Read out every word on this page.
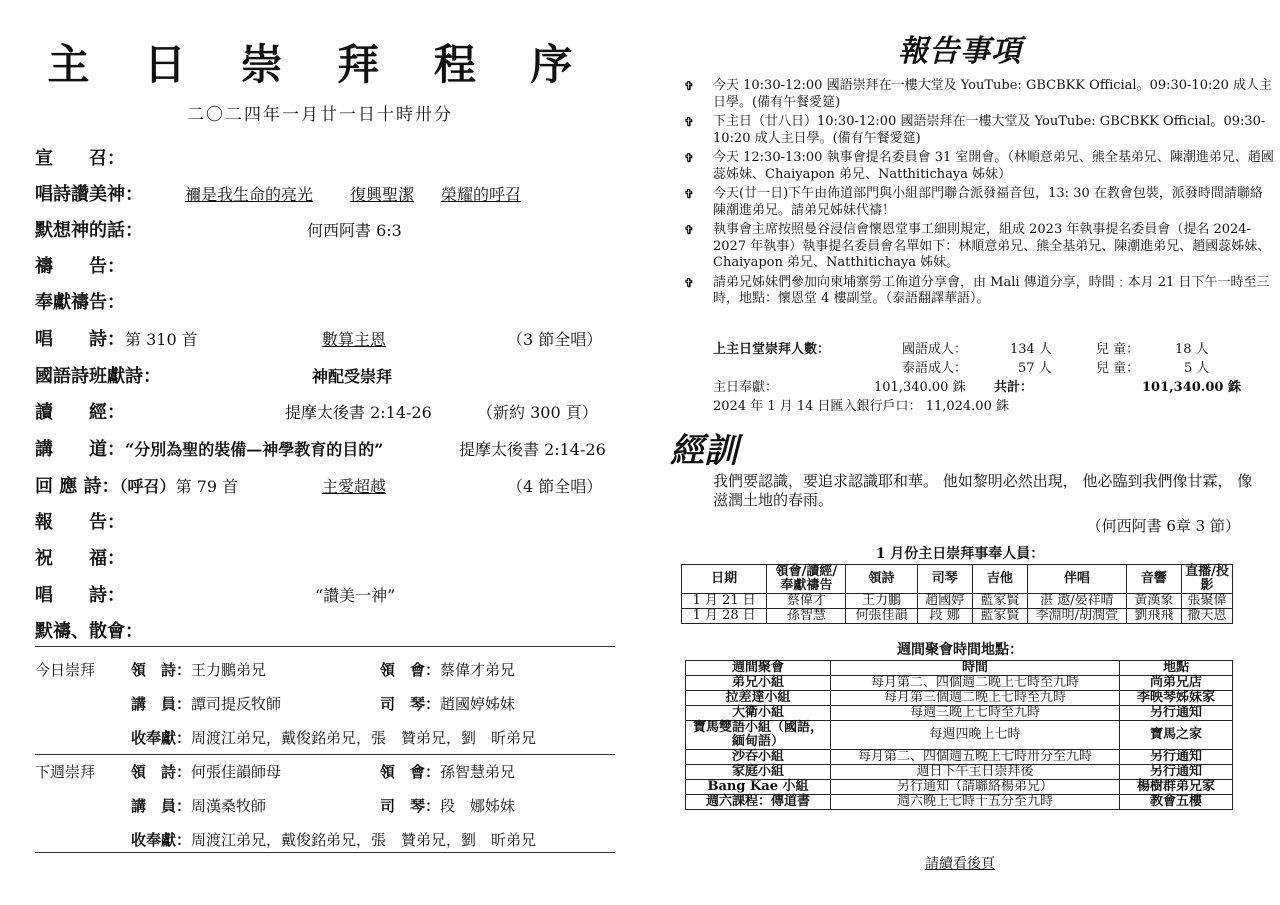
主 日 崇 拜 程 序
二〇二四年一月廿一日十時卅分
宣　　召：
唱詩讚美神：	禰是我生命的亮光 復興聖潔 榮耀的呼召
默想神的話：	何西阿書 6:3
禱　　告：
奉獻禱告：
唱　　詩：第 310 首	數算主恩	（3 節全唱）
國語詩班獻詩：	神配受崇拜
讀　　經：	提摩太後書 2:14-26	（新約 300 頁）
講　　道：“分別為聖的裝備—神學教育的目的”	提摩太後書 2:14-26
回 應 詩：（呼召）第 79 首	主愛超越	（4 節全唱）
報　　告：
祝　　福：
唱　　詩：	“讚美一神”
默禱、散會：
今日崇拜 領　詩：王力鵬弟兄	領　會：蔡偉才弟兄
講　員：譚司提反牧師	司　琴：趙國婷姊妹
收奉獻：周渡江弟兄，戴俊銘弟兄，張　贊弟兄，劉　昕弟兄
下週崇拜 領　詩：何張佳韻師母	領　會：孫智慧弟兄
講　員：周漢桑牧師	司　琴：段　娜姊妹
收奉獻：周渡江弟兄，戴俊銘弟兄，張　贊弟兄，劉　昕弟兄
報告事項
✞ 今天 10:30-12:00 國語崇拜在一樓大堂及 YouTube: GBCBKK Official。09:30-10:20 成人主日學。(備有午餐愛筵)
✞ 下主日（廿八日）10:30-12:00 國語崇拜在一樓大堂及 YouTube: GBCBKK Official。09:30-10:20 成人主日學。(備有午餐愛筵)
✞ 今天 12:30-13:00 執事會提名委員會 31 室開會。（林順意弟兄、熊全基弟兄、陳潮進弟兄、趙國蕊姊妹、Chaiyapon 弟兄、Natthitichaya 姊妹）
✞ 今天(廿一日)下午由佈道部門與小組部門聯合派發福音包，13: 30 在教會包裝，派發時間請聯絡陳潮進弟兄。請弟兄姊妹代禱！
✞ 執事會主席按照曼谷浸信會懷恩堂事工細則規定，組成 2023 年執事提名委員會（提名 2024-2027 年執事）執事提名委員會名單如下：林順意弟兄、熊全基弟兄、陳潮進弟兄、趙國蕊姊妹、Chaiyapon 弟兄、Natthitichaya 姊妹。
✞ 請弟兄姊妹們參加向柬埔寨勞工佈道分享會，由 Mali 傳道分享，時間﹕本月 21 日下午一時至三時，地點：懷恩堂 4 樓副堂。（泰語翻譯華語）。
上主日堂崇拜人數：	國語成人：	134 人	兒 童：	18 人
泰語成人：	57 人	兒 童：	5 人
主日奉獻：	101,340.00 銖 共計：	101,340.00 銖
2024 年 1 月 14 日匯入銀行戶口： 11,024.00 銖
經訓
我們要認識，要追求認識耶和華。 他如黎明必然出現， 他必臨到我們像甘霖， 像滋潤土地的春雨。
（何西阿書 6章 3 節）
1 月份主日崇拜事奉人員：
日期	領會/讀經/奉獻禱告	領詩	司琴	吉他	伴唱	音響	直播/投影
1 月 21 日	蔡偉才	王力鵬	趙國婷	藍家賢	湛 遨/晏祥晴	黃漢象	張聚偉
1 月 28 日	孫智慧	何張佳韻	段 娜	藍家賢	李淵明/胡潤萱	劉飛飛	撒天恩
週間聚會時間地點：
週間聚會	時間	地點
弟兄小組	每月第二、四個週二晚上七時至九時	尚弟兄店
拉差達小組	每月第三個週二晚上七時至九時	李映琴姊妹家
大衛小組	每週三晚上七時至九時	另行通知
寶馬雙語小組（國語，緬甸語）	每週四晚上七時	寶馬之家
沙吞小組	每月第二、四個週五晚上七時卅分至九時	另行通知
家庭小組	週日下午主日崇拜後	另行通知
Bang Kae 小組	另行通知（請聯絡楊弟兄）	楊樹群弟兄家
週六課程：傳道書	週六晚上七時十五分至九時	教會五樓
請續看後頁
